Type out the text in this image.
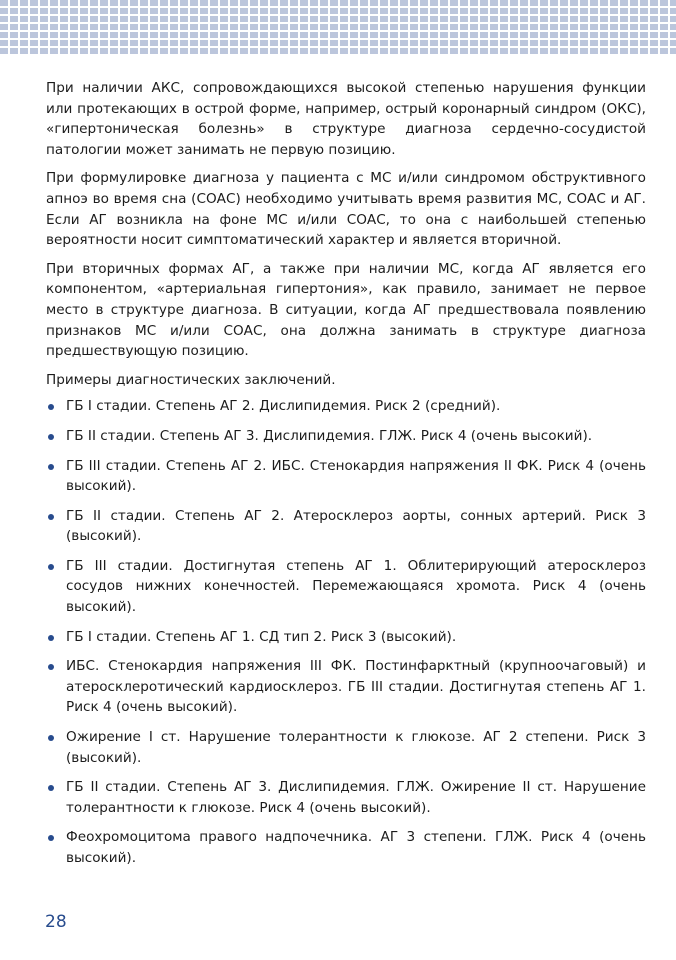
При наличии АКС, сопровождающихся высокой степенью нарушения функции или протекающих в острой форме, например, острый коронарный синдром (ОКС), «гипертоническая болезнь» в структуре диагноза сердечно-сосудистой патологии может занимать не первую позицию.

При формулировке диагноза у пациента с МС и/или синдромом обструктивного апноэ во время сна (СОАС) необходимо учитывать время развития МС, СОАС и АГ. Если АГ возникла на фоне МС и/или СОАС, то она с наибольшей степенью вероятности носит симптоматический характер и является вторичной.

При вторичных формах АГ, а также при наличии МС, когда АГ является его компонентом, «артериальная гипертония», как правило, занимает не первое место в структуре диагноза. В ситуации, когда АГ предшествовала появлению признаков МС и/или СОАС, она должна занимать в структуре диагноза предшествующую позицию.

Примеры диагностических заключений.

ГБ I стадии. Степень АГ 2. Дислипидемия. Риск 2 (средний).
ГБ II стадии. Степень АГ 3. Дислипидемия. ГЛЖ. Риск 4 (очень высокий).
ГБ III стадии. Степень АГ 2. ИБС. Стенокардия напряжения II ФК. Риск 4 (очень высокий).
ГБ II стадии. Степень АГ 2. Атеросклероз аорты, сонных артерий. Риск 3 (высокий).
ГБ III стадии. Достигнутая степень АГ 1. Облитерирующий атеросклероз сосудов нижних конечностей. Перемежающаяся хромота. Риск 4 (очень высокий).
ГБ I стадии. Степень АГ 1. СД тип 2. Риск 3 (высокий).
ИБС. Стенокардия напряжения III ФК. Постинфарктный (крупноочаговый) и атеросклеротический кардиосклероз. ГБ III стадии. Достигнутая степень АГ 1. Риск 4 (очень высокий).
Ожирение I ст. Нарушение толерантности к глюкозе. АГ 2 степени. Риск 3 (высокий).
ГБ II стадии. Степень АГ 3. Дислипидемия. ГЛЖ. Ожирение II ст. Нарушение толерантности к глюкозе. Риск 4 (очень высокий).
Феохромоцитома правого надпочечника. АГ 3 степени. ГЛЖ. Риск 4 (очень высокий).
28
